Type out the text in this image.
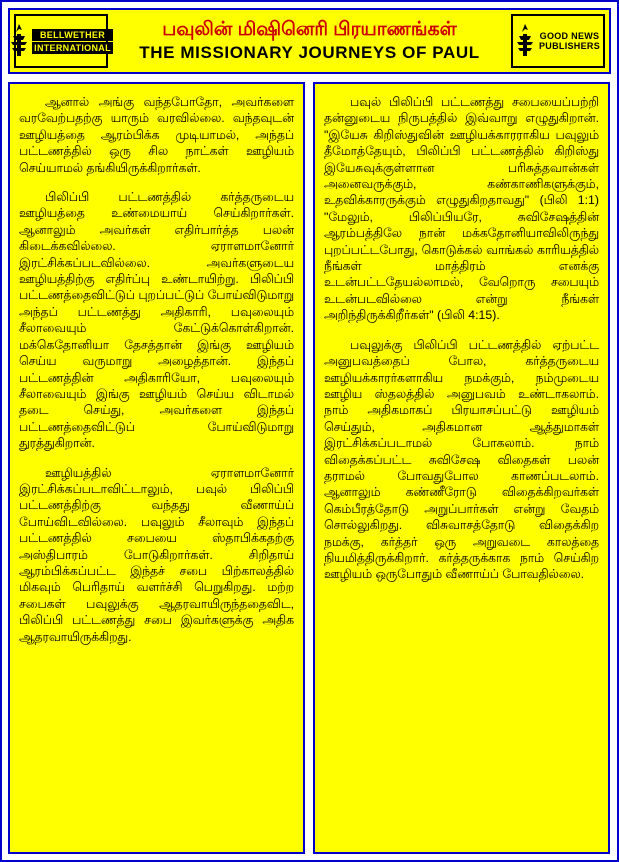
BELLWETHER
INTERNATIONAL
பவுலின் மிஷினெரி பிரயாணங்கள்
THE MISSIONARY JOURNEYS OF PAUL
GOOD NEWS
PUBLISHERS

ஆனால் அங்கு வந்தபோதோ, அவர்களை வரவேற்பதற்கு யாரும் வரவில்லை. வந்தவுடன் ஊழியத்தை ஆரம்பிக்க முடியாமல், அந்தப் பட்டணத்தில் ஒரு சில நாட்கள் ஊழியம் செய்யாமல் தங்கியிருக்கிறார்கள்.

பிலிப்பி பட்டணத்தில் கர்த்தருடைய ஊழியத்தை உண்மையாய் செய்கிறார்கள். ஆனாலும் அவர்கள் எதிர்பார்த்த பலன் கிடைக்கவில்லை. ஏராளமானோர் இரட்சிக்கப்படவில்லை. அவர்களுடைய ஊழியத்திற்கு எதிர்ப்பு உண்டாயிற்று. பிலிப்பி பட்டணத்தைவிட்டுப் புறப்பட்டுப் போய்விடுமாறு அந்தப் பட்டணத்து அதிகாரி, பவுலையும் சீலாவையும் கேட்டுக்கொள்கிறான். மக்கெதோனியா தேசத்தான் இங்கு ஊழியம் செய்ய வருமாறு அழைத்தான். இந்தப் பட்டணத்தின் அதிகாரியோ, பவுலையும் சீலாவையும் இங்கு ஊழியம் செய்ய விடாமல் தடை செய்து, அவர்களை இந்தப் பட்டணத்தைவிட்டுப் போய்விடுமாறு துரத்துகிறான்.

ஊழியத்தில் ஏராளமானோர் இரட்சிக்கப்படாவிட்டாலும், பவுல் பிலிப்பி பட்டணத்திற்கு வந்தது வீணாய்ப் போய்விடவில்லை. பவுலும் சீலாவும் இந்தப் பட்டணத்தில் சபையை ஸ்தாபிக்கதற்கு அஸ்திபாரம் போடுகிறார்கள். சிறிதாய் ஆரம்பிக்கப்பட்ட இந்தச் சபை பிற்காலத்தில் மிகவும் பெரிதாய் வளர்ச்சி பெறுகிறது. மற்ற சபைகள் பவுலுக்கு ஆதரவாயிருந்ததைவிட, பிலிப்பி பட்டணத்து சபை இவர்களுக்கு அதிக ஆதரவாயிருக்கிறது.

பவுல் பிலிப்பி பட்டணத்து சபையைப்பற்றி தன்னுடைய நிருபத்தில் இவ்வாறு எழுதுகிறான். "இயேசு கிறிஸ்துவின் ஊழியக்காரராகிய பவுலும் தீமோத்தேயும், பிலிப்பி பட்டணத்தில் கிறிஸ்து இயேசுவுக்குள்ளான பரிசுத்தவான்கள் அனைவருக்கும், கண்காணிகளுக்கும், உதவிக்காரருக்கும் எழுதுகிறதாவது" (பிலி 1:1) "மேலும், பிலிப்பியரே, சுவிசேஷத்தின் ஆரம்பத்திலே நான் மக்கதோனியாவிலிருந்து புறப்பட்டபோது, கொடுக்கல் வாங்கல் காரியத்தில் நீங்கள் மாத்திரம் எனக்கு உடன்பட்டதேயல்லாமல், வேறொரு சபையும் உடன்படவில்லை என்று நீங்கள் அறிந்திருக்கிறீர்கள்" (பிலி 4:15).

பவுலுக்கு பிலிப்பி பட்டணத்தில் ஏற்பட்ட அனுபவத்தைப் போல, கர்த்தருடைய ஊழியக்காரர்களாகிய நமக்கும், நம்முடைய ஊழிய ஸ்தலத்தில் அனுபவம் உண்டாகலாம். நாம் அதிகமாகப் பிரயாசப்பட்டு ஊழியம் செய்தும், அதிகமான ஆத்துமாகள் இரட்சிக்கப்படாமல் போகலாம். நாம் விதைக்கப்பட்ட சுவிசேஷ விதைகள் பலன் தராமல் போவதுபோல காணப்படலாம். ஆனாலும் கண்ணீரோடு விதைக்கிறவர்கள் கெம்பீரத்தோடு அறுப்பார்கள் என்று வேதம் சொல்லுகிறது. விசுவாசத்தோடு விதைக்கிற நமக்கு, கர்த்தர் ஒரு அறுவடை காலத்தை நியமித்திருக்கிறார். கர்த்தருக்காக நாம் செய்கிற ஊழியம் ஒருபோதும் வீணாய்ப் போவதில்லை.
